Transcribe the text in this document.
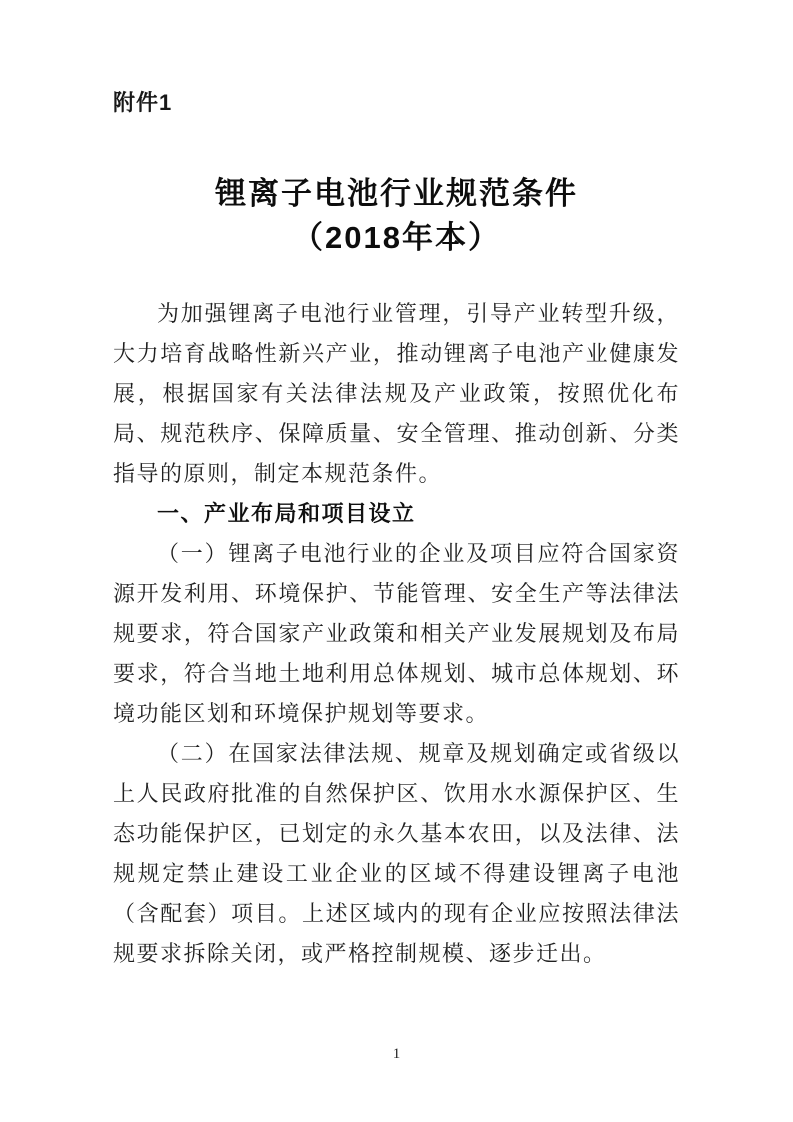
附件1
锂离子电池行业规范条件
（2018年本）

为加强锂离子电池行业管理，引导产业转型升级，大力培育战略性新兴产业，推动锂离子电池产业健康发展，根据国家有关法律法规及产业政策，按照优化布局、规范秩序、保障质量、安全管理、推动创新、分类指导的原则，制定本规范条件。

一、产业布局和项目设立

（一）锂离子电池行业的企业及项目应符合国家资源开发利用、环境保护、节能管理、安全生产等法律法规要求，符合国家产业政策和相关产业发展规划及布局要求，符合当地土地利用总体规划、城市总体规划、环境功能区划和环境保护规划等要求。

（二）在国家法律法规、规章及规划确定或省级以上人民政府批准的自然保护区、饮用水水源保护区、生态功能保护区，已划定的永久基本农田，以及法律、法规规定禁止建设工业企业的区域不得建设锂离子电池（含配套）项目。上述区域内的现有企业应按照法律法规要求拆除关闭，或严格控制规模、逐步迁出。

1
